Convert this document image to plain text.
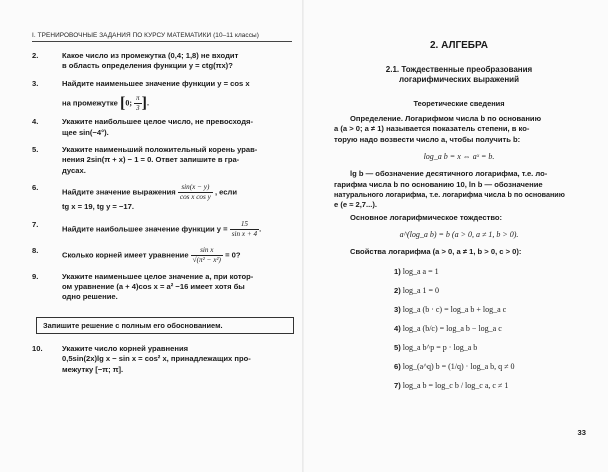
I. ТРЕНИРОВОЧНЫЕ ЗАДАНИЯ ПО КУРСУ МАТЕМАТИКИ (10–11 классы)
2.	Какое число из промежутка (0,4; 1,8) не входит
в область определения функции y = ctg(πx)?
3.	Найдите наименьшее значение функции y = cos x
на промежутке [0; $\frac{\pi}{3}$ ].
4.	Укажите наибольшее целое число, не превосходя-
щее sin(−4°).
5.	Укажите наименьший положительный корень урав-
нения 2sin(π + x) − 1 = 0. Ответ запишите в гра-
дусах.
6.	Найдите значение выражения $\frac{\sin(x - y)}{\text{cos x cos y}}$ , если
tg x = 19, tg y = −17.
7.	Найдите наибольшее значение функции $y = \frac{15}{\text{sin x + 4}}$ .
8.	Сколько корней имеет уравнение $\frac{\text{sin x}}{\text{√(π² − x²)}} = 0$?
9.	Укажите наименьшее целое значение a, при котор-
ом уравнение (a + 4)cos x = a² −16 имеет хотя бы
одно решение.
Запишите решение с полным его обоснованием.
10.	Укажите число корней уравнения
0,5sin(2x)lg x − sin x = cos² x, принадлежащих про-
межутку [−π; π].
2. АЛГЕБРА
2.1. Тождественные преобразования
логарифмических выражений
Теоретические сведения

Определение. Логарифмом числа b по основанию

a (a > 0; a ≠ 1) называется показатель степени, в ко-

торую надо возвести число a, чтобы получить b:

log_a b = x ⇔ aˣ = b.

lg b — обозначение десятичного логарифма, т.е. ло-

гарифма числа b по основанию 10, ln b — обозначение

натурального логарифма, т.е. логарифма числа b по основанию

e (e ≈ 2,7...).

Основное логарифмическое тождество:

a^(log_a b) = b (a > 0, a ≠ 1, b > 0).

Свойства логарифма (a > 0, a ≠ 1, b > 0, c > 0):

1) log_a a = 1
2) log_a 1 = 0
3) log_a (b · c) = log_a b + log_a c
4) log_a (b/c) = log_a b − log_a c
5) log_a b^p = p · log_a b
6) log_(a^q) b = (1/q) · log_a b, q ≠ 0
7) log_a b = log_c b / log_c a, c ≠ 1
33
